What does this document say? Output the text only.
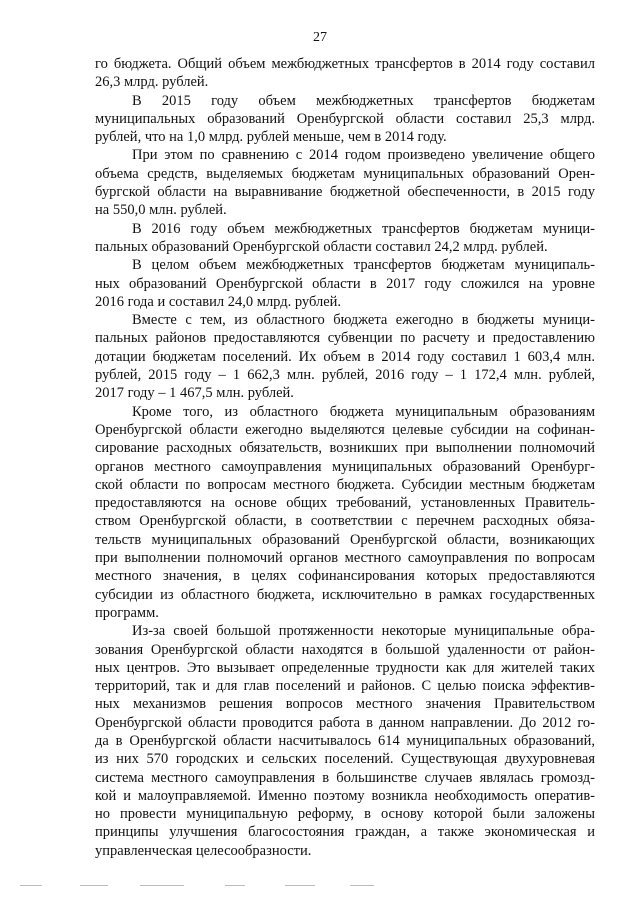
27
го бюджета. Общий объем межбюджетных трансфертов в 2014 году составил
26,3 млрд. рублей.
В 2015 году объем межбюджетных трансфертов бюджетам
муниципальных образований Оренбургской области составил 25,3 млрд.
рублей, что на 1,0 млрд. рублей меньше, чем в 2014 году.
При этом по сравнению с 2014 годом произведено увеличение общего
объема средств, выделяемых бюджетам муниципальных образований Орен-
бургской области на выравнивание бюджетной обеспеченности, в 2015 году
на 550,0 млн. рублей.
В 2016 году объем межбюджетных трансфертов бюджетам муници-
пальных образований Оренбургской области составил 24,2 млрд. рублей.
В целом объем межбюджетных трансфертов бюджетам муниципаль-
ных образований Оренбургской области в 2017 году сложился на уровне
2016 года и составил 24,0 млрд. рублей.
Вместе с тем, из областного бюджета ежегодно в бюджеты муници-
пальных районов предоставляются субвенции по расчету и предоставлению
дотации бюджетам поселений. Их объем в 2014 году составил 1 603,4 млн.
рублей, 2015 году – 1 662,3 млн. рублей, 2016 году – 1 172,4 млн. рублей,
2017 году – 1 467,5 млн. рублей.
Кроме того, из областного бюджета муниципальным образованиям
Оренбургской области ежегодно выделяются целевые субсидии на софинан-
сирование расходных обязательств, возникших при выполнении полномочий
органов местного самоуправления муниципальных образований Оренбург-
ской области по вопросам местного бюджета. Субсидии местным бюджетам
предоставляются на основе общих требований, установленных Правитель-
ством Оренбургской области, в соответствии с перечнем расходных обяза-
тельств муниципальных образований Оренбургской области, возникающих
при выполнении полномочий органов местного самоуправления по вопросам
местного значения, в целях софинансирования которых предоставляются
субсидии из областного бюджета, исключительно в рамках государственных
программ.
Из-за своей большой протяженности некоторые муниципальные обра-
зования Оренбургской области находятся в большой удаленности от район-
ных центров. Это вызывает определенные трудности как для жителей таких
территорий, так и для глав поселений и районов. С целью поиска эффектив-
ных механизмов решения вопросов местного значения Правительством
Оренбургской области проводится работа в данном направлении. До 2012 го-
да в Оренбургской области насчитывалось 614 муниципальных образований,
из них 570 городских и сельских поселений. Существующая двухуровневая
система местного самоуправления в большинстве случаев являлась громозд-
кой и малоуправляемой. Именно поэтому возникла необходимость оператив-
но провести муниципальную реформу, в основу которой были заложены
принципы улучшения благосостояния граждан, а также экономическая и
управленческая целесообразности.
